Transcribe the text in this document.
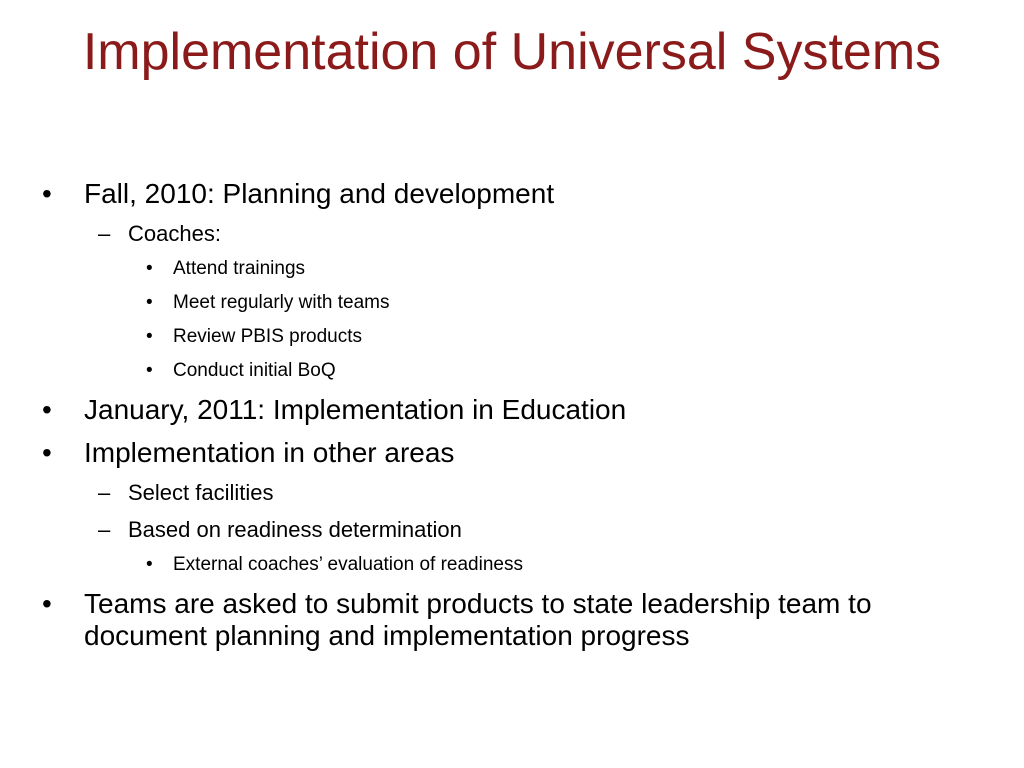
Implementation of Universal Systems
• Fall, 2010: Planning and development
– Coaches:
• Attend trainings
• Meet regularly with teams
• Review PBIS products
• Conduct initial BoQ
• January, 2011: Implementation in Education
• Implementation in other areas
– Select facilities
– Based on readiness determination
• External coaches’ evaluation of readiness
• Teams are asked to submit products to state leadership team to document planning and implementation progress
